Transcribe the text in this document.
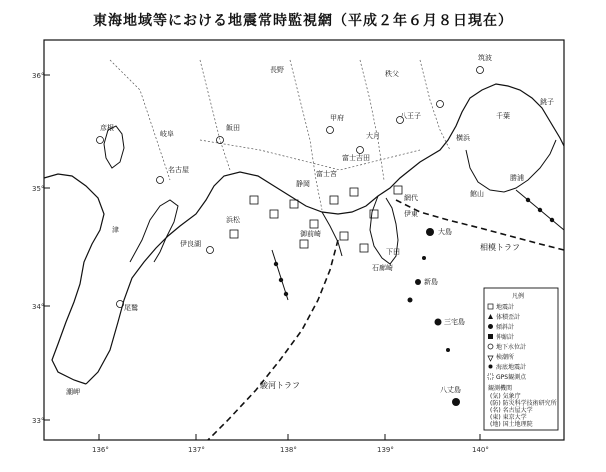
東海地域等における地震常時監視網（平成２年６月８日現在）
36°
35°
34°
33°
136°	137°	138°	139°	140°
駿河トラフ
相模トラフ
長野	秩父
八王子
筑波
千葉
甲府
大月
富士吉田
富士宮
静岡
浜松
名古屋
岐阜
飯田
伊良湖
御前崎
石廊崎
下田
伊東
網代
大島
新島
三宅島
八丈島
潮岬
尾鷲
津
彦根
横浜
銚子
勝浦
館山
凡例
地震計
体積歪計
傾斜計
伸縮計
地下水位計
検潮所
海底地震計
GPS観測点
観測機関
(気) 気象庁
(防) 防災科学技術研究所
(名) 名古屋大学
(東) 東京大学
(地) 国土地理院
